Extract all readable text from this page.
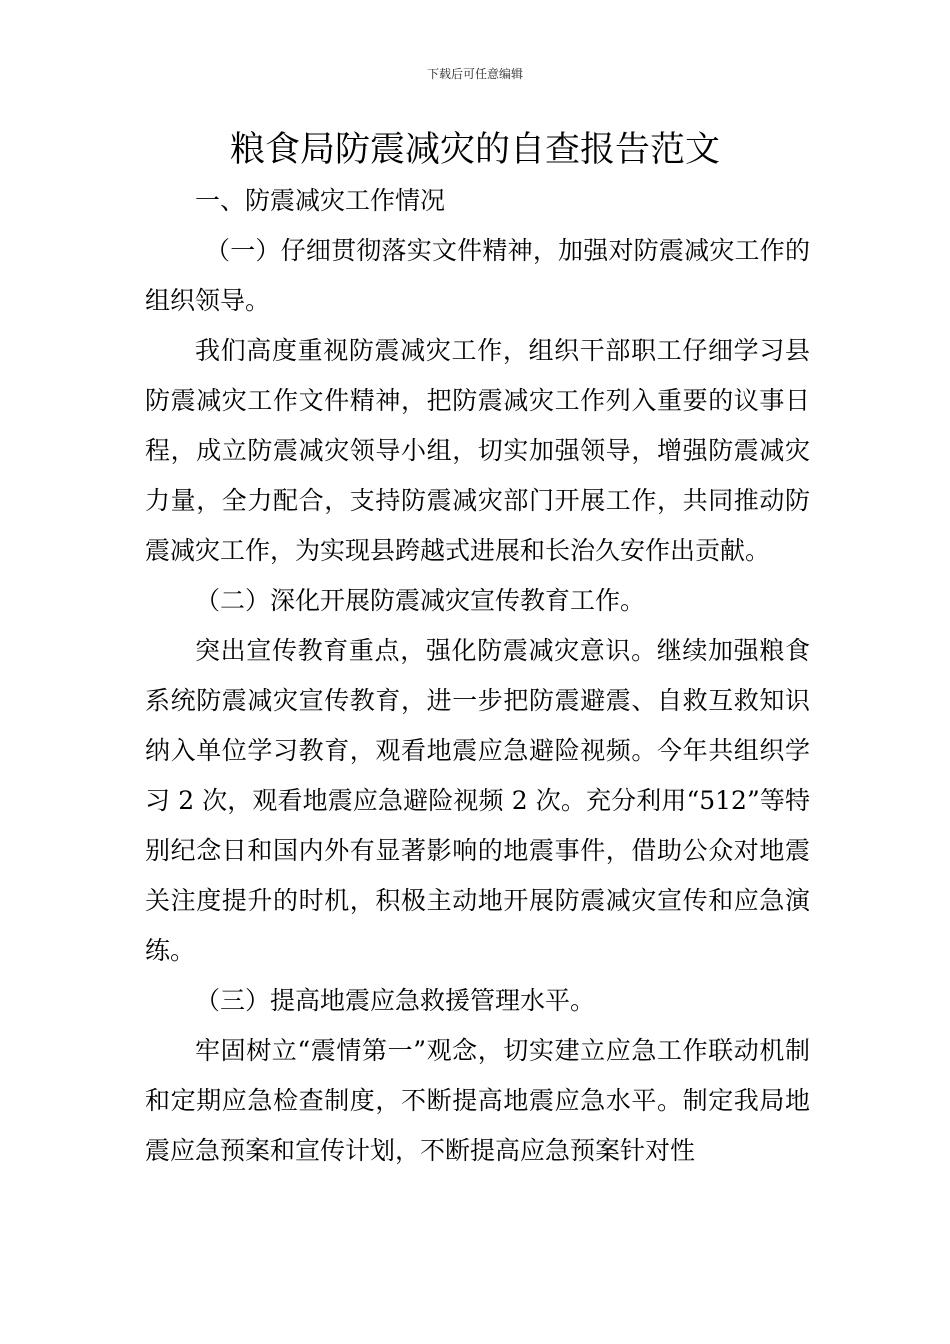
下载后可任意编辑
粮食局防震减灾的自查报告范文

一、防震减灾工作情况

（一）仔细贯彻落实文件精神，加强对防震减灾工作的组织领导。

我们高度重视防震减灾工作，组织干部职工仔细学习县防震减灾工作文件精神，把防震减灾工作列入重要的议事日程，成立防震减灾领导小组，切实加强领导，增强防震减灾力量，全力配合，支持防震减灾部门开展工作，共同推动防震减灾工作，为实现县跨越式进展和长治久安作出贡献。

（二）深化开展防震减灾宣传教育工作。

突出宣传教育重点，强化防震减灾意识。继续加强粮食系统防震减灾宣传教育，进一步把防震避震、自救互救知识纳入单位学习教育，观看地震应急避险视频。今年共组织学习 2 次，观看地震应急避险视频 2 次。充分利用“512”等特别纪念日和国内外有显著影响的地震事件，借助公众对地震关注度提升的时机，积极主动地开展防震减灾宣传和应急演练。

（三）提高地震应急救援管理水平。

牢固树立“震情第一”观念，切实建立应急工作联动机制和定期应急检查制度，不断提高地震应急水平。制定我局地震应急预案和宣传计划，不断提高应急预案针对性
